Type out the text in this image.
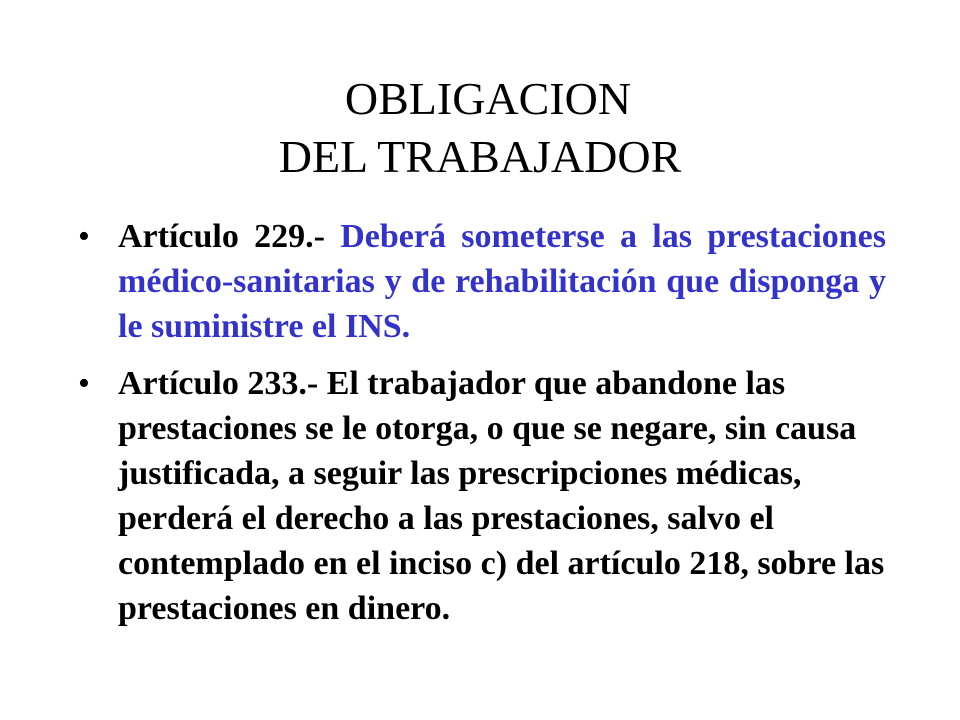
OBLIGACION
DEL TRABAJADOR
• Artículo 229.- Deberá someterse a las prestaciones médico-sanitarias y de rehabilitación que disponga y le suministre el INS.
• Artículo 233.- El trabajador que abandone las prestaciones se le otorga, o que se negare, sin causa justificada, a seguir las prescripciones médicas, perderá el derecho a las prestaciones, salvo el contemplado en el inciso c) del artículo 218, sobre las prestaciones en dinero.
